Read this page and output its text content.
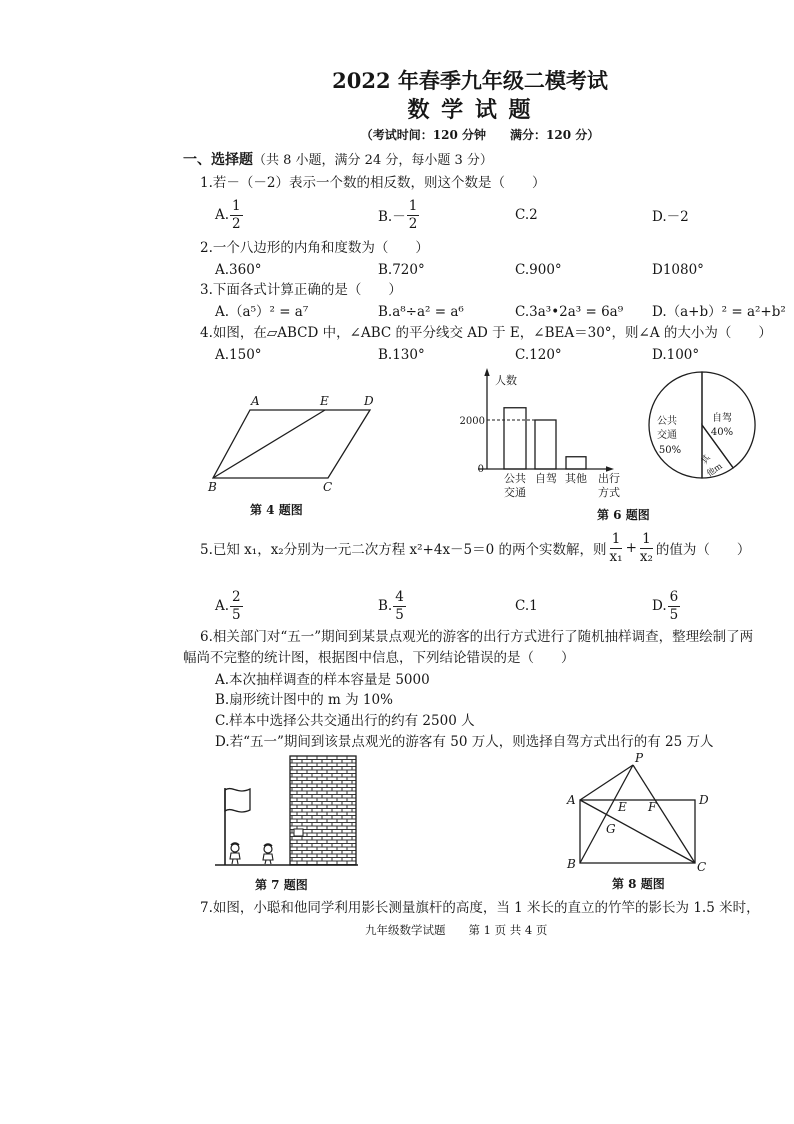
2022 年春季九年级二模考试
数 学 试 题
（考试时间：120 分钟　　满分：120 分）
一、选择题（共 8 小题，满分 24 分，每小题 3 分）
1.若－（－2）表示一个数的相反数，则这个数是（　　）
A. $\frac{1}{2}$	$B.- \frac{1}{2}$	C.2	D.－2
2.一个八边形的内角和度数为（　　）
A.360°	B.720°	C.900°	D1080°
3.下面各式计算正确的是（　　）
A.（a⁵）² = a⁷	B.a⁸÷a² = a⁶	C.3a³•2a³ = 6a⁹ D.（a+b）² = a²+b²
4.如图，在▱ABCD 中，∠ABC 的平分线交 AD 于 E，∠BEA＝30°，则∠A 的大小为（　　）
A.150°	B.130°	C.120°	D.100°
A	E	D
B	C
第 4 题图
人数
2000
0
公共
交通
自驾 其他 出行
方式
公共
交通
50%
自驾
40%
其
他m
第 6 题图
5.已知 x₁，x₂分别为一元二次方程 x²+4x－5＝0 的两个实数解，则 $\frac{1}{\text{x₁}} + \frac{1}{\text{x₂}}$ 的值为（　　）
A. $\frac{2}{5}$	B. $\frac{4}{5}$	C.1	D. $\frac{6}{5}$
6.相关部门对“五一”期间到某景点观光的游客的出行方式进行了随机抽样调查，整理绘制了两
幅尚不完整的统计图，根据图中信息，下列结论错误的是（　　）
A.本次抽样调查的样本容量是 5000
B.扇形统计图中的 m 为 10%
C.样本中选择公共交通出行的约有 2500 人
D.若“五一”期间到该景点观光的游客有 50 万人，则选择自驾方式出行的有 25 万人
第 7 题图
P
A	D
E F
G
B	C
第 8 题图
7.如图，小聪和他同学利用影长测量旗杆的高度，当 1 米长的直立的竹竿的影长为 1.5 米时，
九年级数学试题　　第 1 页 共 4 页
